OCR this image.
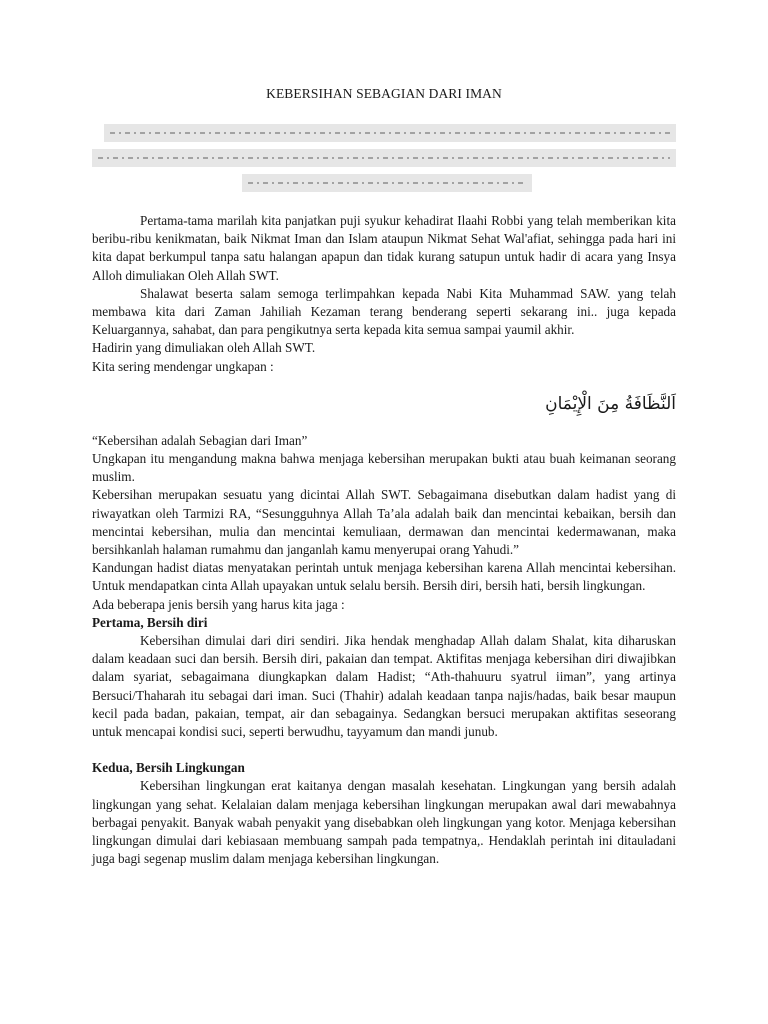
KEBERSIHAN SEBAGIAN DARI IMAN

Pertama-tama marilah kita panjatkan puji syukur kehadirat Ilaahi Robbi yang telah memberikan kita beribu-ribu kenikmatan, baik Nikmat Iman dan Islam ataupun Nikmat Sehat Wal'afiat, sehingga pada hari ini kita dapat berkumpul tanpa satu halangan apapun dan tidak kurang satupun untuk hadir di acara yang Insya Alloh dimuliakan Oleh Allah SWT.

Shalawat beserta salam semoga terlimpahkan kepada Nabi Kita Muhammad SAW. yang telah membawa kita dari Zaman Jahiliah Kezaman terang benderang seperti sekarang ini.. juga kepada Keluargannya, sahabat, dan para pengikutnya serta kepada kita semua sampai yaumil akhir.

Hadirin yang dimuliakan oleh Allah SWT.

Kita sering mendengar ungkapan :

اَلنَّظَافَةُ مِنَ الْإِيْمَانِ

“Kebersihan adalah Sebagian dari Iman”

Ungkapan itu mengandung makna bahwa menjaga kebersihan merupakan bukti atau buah keimanan seorang muslim.

Kebersihan merupakan sesuatu yang dicintai Allah SWT. Sebagaimana disebutkan dalam hadist yang di riwayatkan oleh Tarmizi RA, “Sesungguhnya Allah Ta’ala adalah baik dan mencintai kebaikan, bersih dan mencintai kebersihan, mulia dan mencintai kemuliaan, dermawan dan mencintai kedermawanan, maka bersihkanlah halaman rumahmu dan janganlah kamu menyerupai orang Yahudi.”

Kandungan hadist diatas menyatakan perintah untuk menjaga kebersihan karena Allah mencintai kebersihan. Untuk mendapatkan cinta Allah upayakan untuk selalu bersih. Bersih diri, bersih hati, bersih lingkungan.

Ada beberapa jenis bersih yang harus kita jaga :

Pertama, Bersih diri

Kebersihan dimulai dari diri sendiri. Jika hendak menghadap Allah dalam Shalat, kita diharuskan dalam keadaan suci dan bersih. Bersih diri, pakaian dan tempat. Aktifitas menjaga kebersihan diri diwajibkan dalam syariat, sebagaimana diungkapkan dalam Hadist; “Ath-thahuuru syatrul iiman”, yang artinya Bersuci/Thaharah itu sebagai dari iman. Suci (Thahir) adalah keadaan tanpa najis/hadas, baik besar maupun kecil pada badan, pakaian, tempat, air dan sebagainya. Sedangkan bersuci merupakan aktifitas seseorang untuk mencapai kondisi suci, seperti berwudhu, tayyamum dan mandi junub.

Kedua, Bersih Lingkungan

Kebersihan lingkungan erat kaitanya dengan masalah kesehatan. Lingkungan yang bersih adalah lingkungan yang sehat. Kelalaian dalam menjaga kebersihan lingkungan merupakan awal dari mewabahnya berbagai penyakit. Banyak wabah penyakit yang disebabkan oleh lingkungan yang kotor. Menjaga kebersihan lingkungan dimulai dari kebiasaan membuang sampah pada tempatnya,. Hendaklah perintah ini ditauladani juga bagi segenap muslim dalam menjaga kebersihan lingkungan.
